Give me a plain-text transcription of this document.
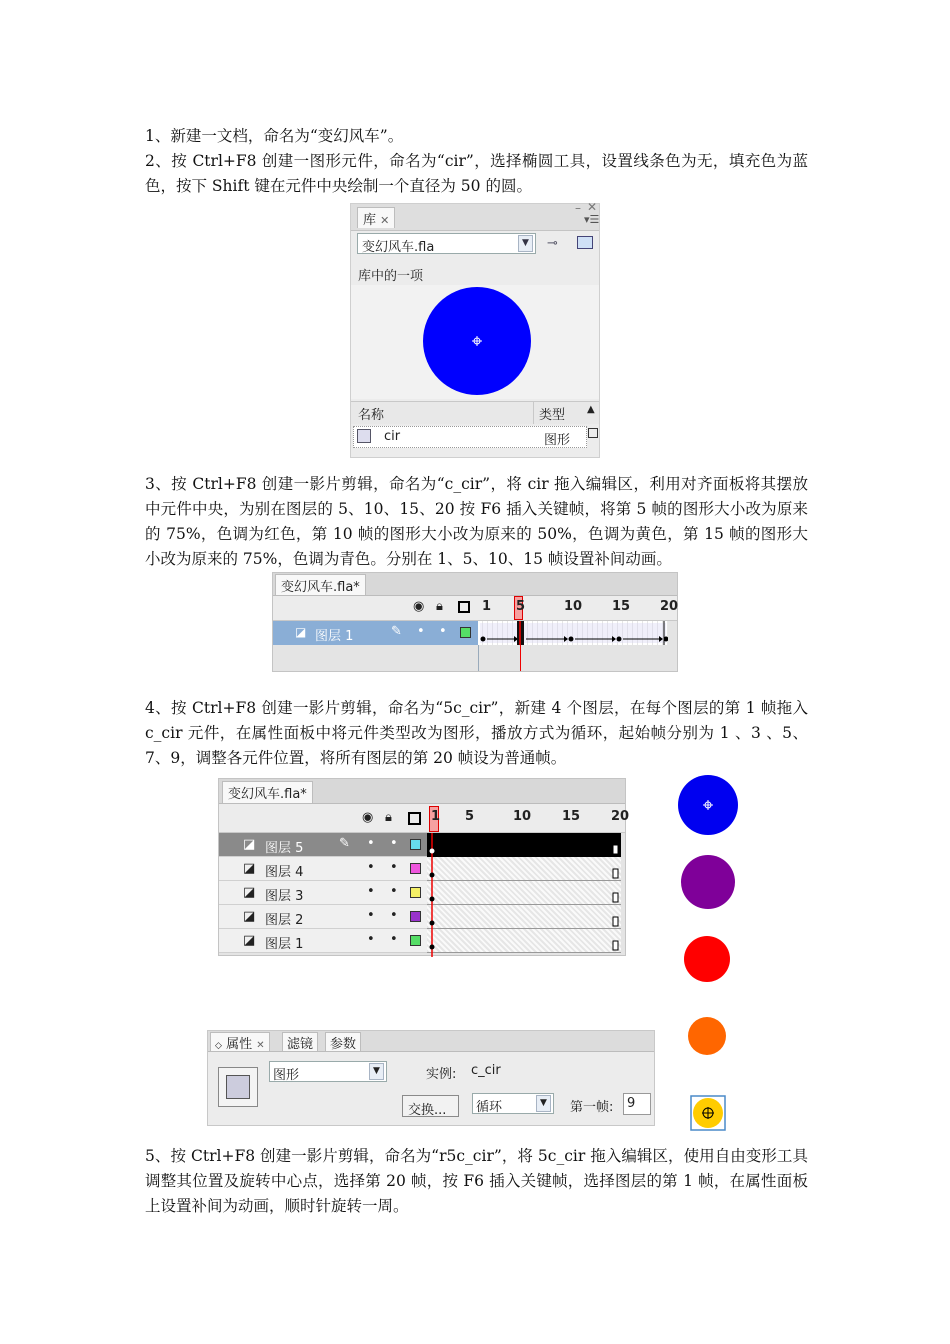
1、新建一文档，命名为“变幻风车”。
2、按 Ctrl+F8 创建一图形元件，命名为“cir”，选择椭圆工具，设置线条色为无，填充色为蓝色，按下 Shift 键在元件中央绘制一个直径为 50 的圆。
库 ✕
– ✕
▾☰
变幻风车.fla	▼	⊸
库中的一项
名称	类型 ▲
cir	图形
3、按 Ctrl+F8 创建一影片剪辑，命名为“c_cir”，将 cir 拖入编辑区，利用对齐面板将其摆放中元件中央，为别在图层的 5、10、15、20 按 F6 插入关键帧，将第 5 帧的图形大小改为原来的 75%，色调为红色，第 10 帧的图形大小改为原来的 50%，色调为黄色，第 15 帧的图形大小改为原来的 75%，色调为青色。分别在 1、5、10、15 帧设置补间动画。
变幻风车.fla*
◉ 🔒︎	1 5	10 15 20
◪ 图层 1	✎ • •
4、按 Ctrl+F8 创建一影片剪辑，命名为“5c_cir”，新建 4 个图层，在每个图层的第 1 帧拖入 c_cir 元件，在属性面板中将元件类型改为图形，播放方式为循环，起始帧分别为 1 、3 、5、7、9，调整各元件位置，将所有图层的第 20 帧设为普通帧。
变幻风车.fla*
◉ 🔒︎	1 5	10 15 20
◪ 图层 5	✎ • •
◪ 图层 4	• •
◪ 图层 3	• •
◪ 图层 2	• •
◪ 图层 1	• •
◇ 属性 ✕	滤镜	参数
图形	▼	实例: c_cir
交换... 循环	▼	第一帧: 9
5、按 Ctrl+F8 创建一影片剪辑，命名为“r5c_cir”，将 5c_cir 拖入编辑区，使用自由变形工具调整其位置及旋转中心点，选择第 20 帧，按 F6 插入关键帧，选择图层的第 1 帧，在属性面板上设置补间为动画，顺时针旋转一周。
